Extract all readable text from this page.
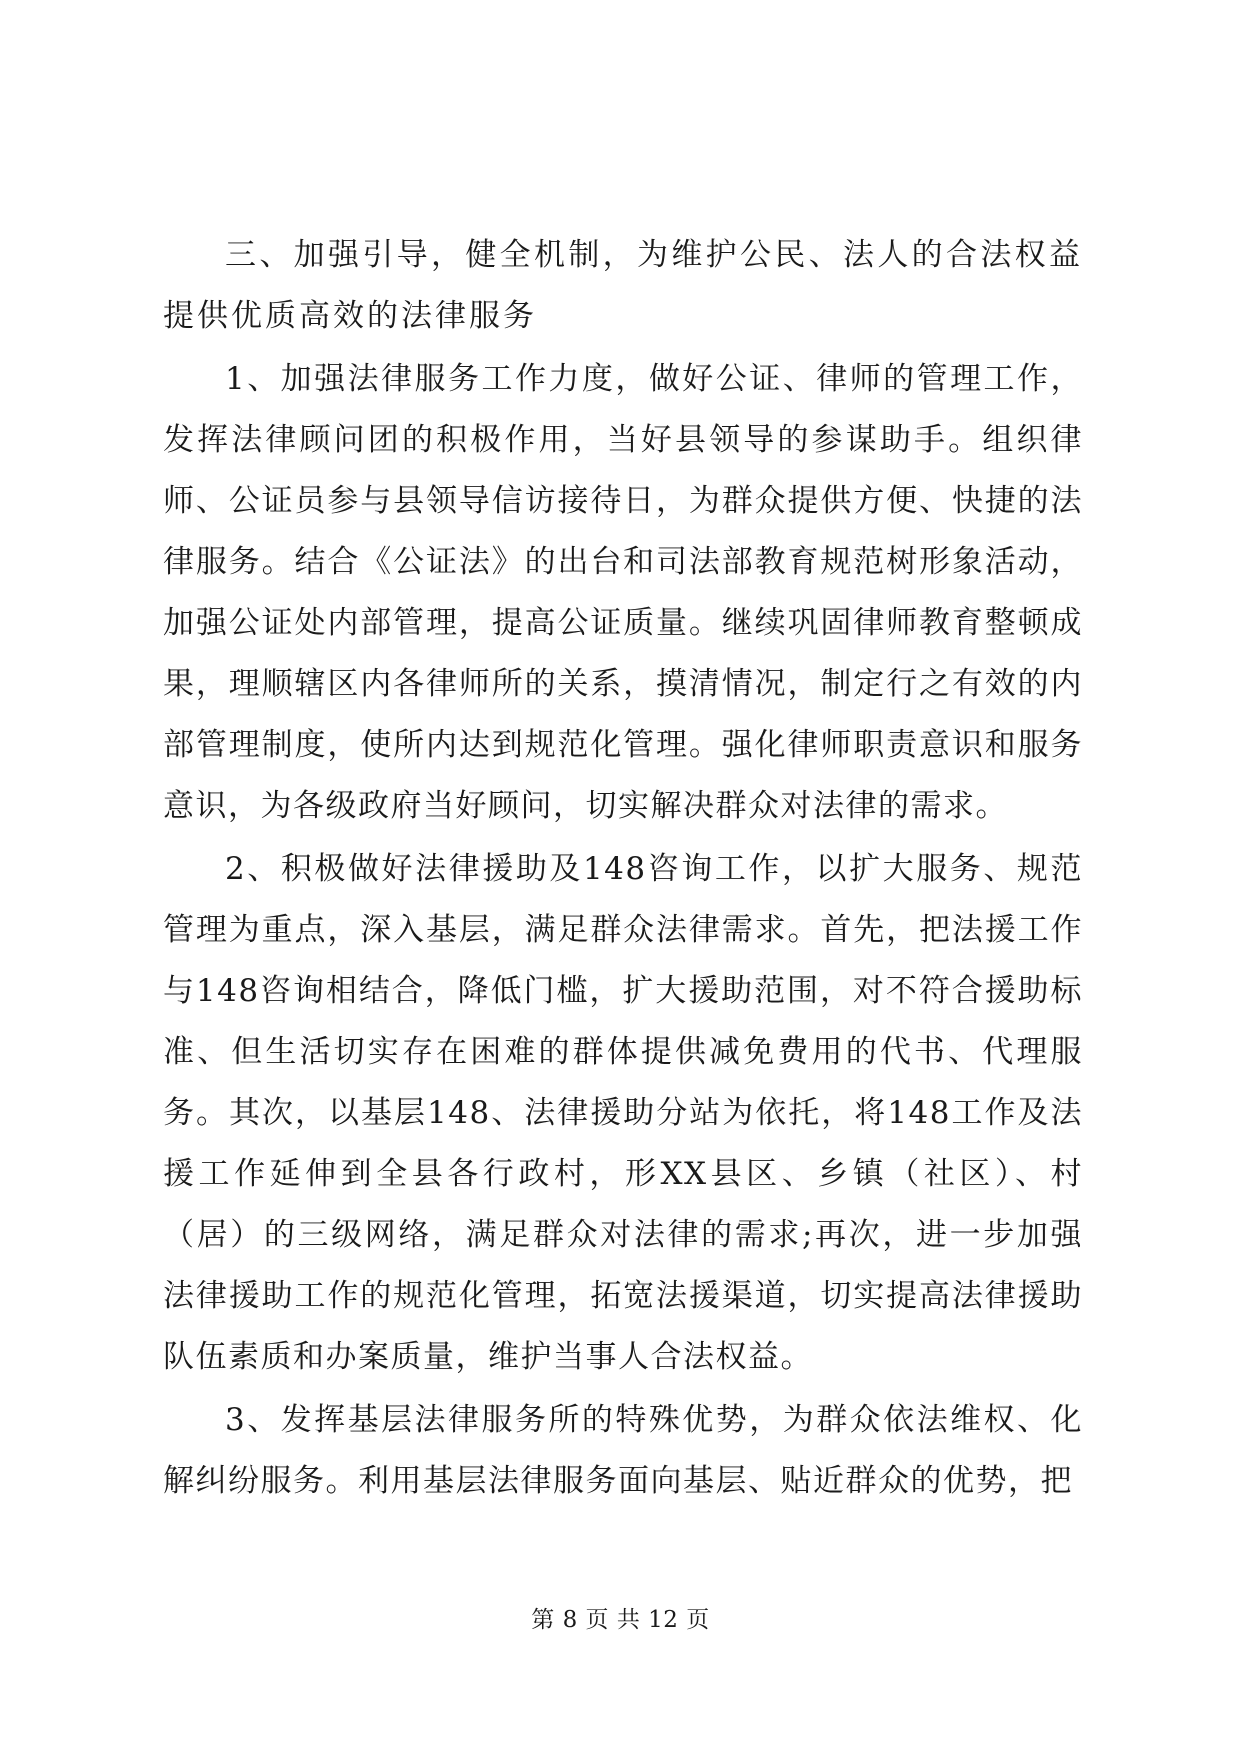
三、加强引导，健全机制，为维护公民、法人的合法权益提供优质高效的法律服务

1、加强法律服务工作力度，做好公证、律师的管理工作，发挥法律顾问团的积极作用，当好县领导的参谋助手。组织律师、公证员参与县领导信访接待日，为群众提供方便、快捷的法律服务。结合《公证法》的出台和司法部教育规范树形象活动，加强公证处内部管理，提高公证质量。继续巩固律师教育整顿成果，理顺辖区内各律师所的关系，摸清情况，制定行之有效的内部管理制度，使所内达到规范化管理。强化律师职责意识和服务意识，为各级政府当好顾问，切实解决群众对法律的需求。

2、积极做好法律援助及148咨询工作，以扩大服务、规范管理为重点，深入基层，满足群众法律需求。首先，把法援工作与148咨询相结合，降低门槛，扩大援助范围，对不符合援助标准、但生活切实存在困难的群体提供减免费用的代书、代理服务。其次，以基层148、法律援助分站为依托，将148工作及法援工作延伸到全县各行政村，形XX县区、乡镇（社区）、村（居）的三级网络，满足群众对法律的需求;再次，进一步加强法律援助工作的规范化管理，拓宽法援渠道，切实提高法律援助队伍素质和办案质量，维护当事人合法权益。

3、发挥基层法律服务所的特殊优势，为群众依法维权、化解纠纷服务。利用基层法律服务面向基层、贴近群众的优势，把

第 8 页 共 12 页
